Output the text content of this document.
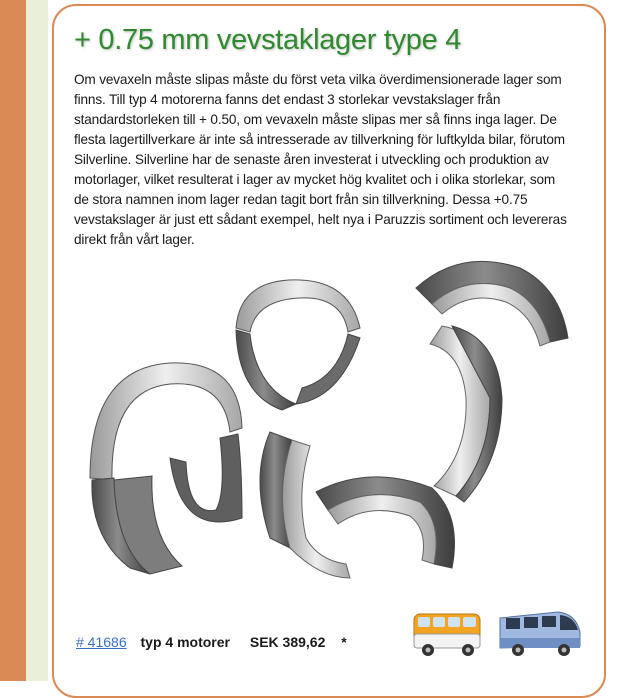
+ 0.75 mm vevstaklager type 4

Om vevaxeln måste slipas måste du först veta vilka överdimensionerade lager som finns. Till typ 4 motorerna fanns det endast 3 storlekar vevstakslager från standardstorleken till + 0.50, om vevaxeln måste slipas mer så finns inga lager. De flesta lagertillverkare är inte så intresserade av tillverkning för luftkylda bilar, förutom Silverline. Silverline har de senaste åren investerat i utveckling och produktion av motorlager, vilket resulterat i lager av mycket hög kvalitet och i olika storlekar, som de stora namnen inom lager redan tagit bort från sin tillverkning. Dessa +0.75 vevstakslager är just ett sådant exempel, helt nya i Paruzzis sortiment och levereras direkt från vårt lager.

# 41686 typ 4 motorer SEK 389,62 *
